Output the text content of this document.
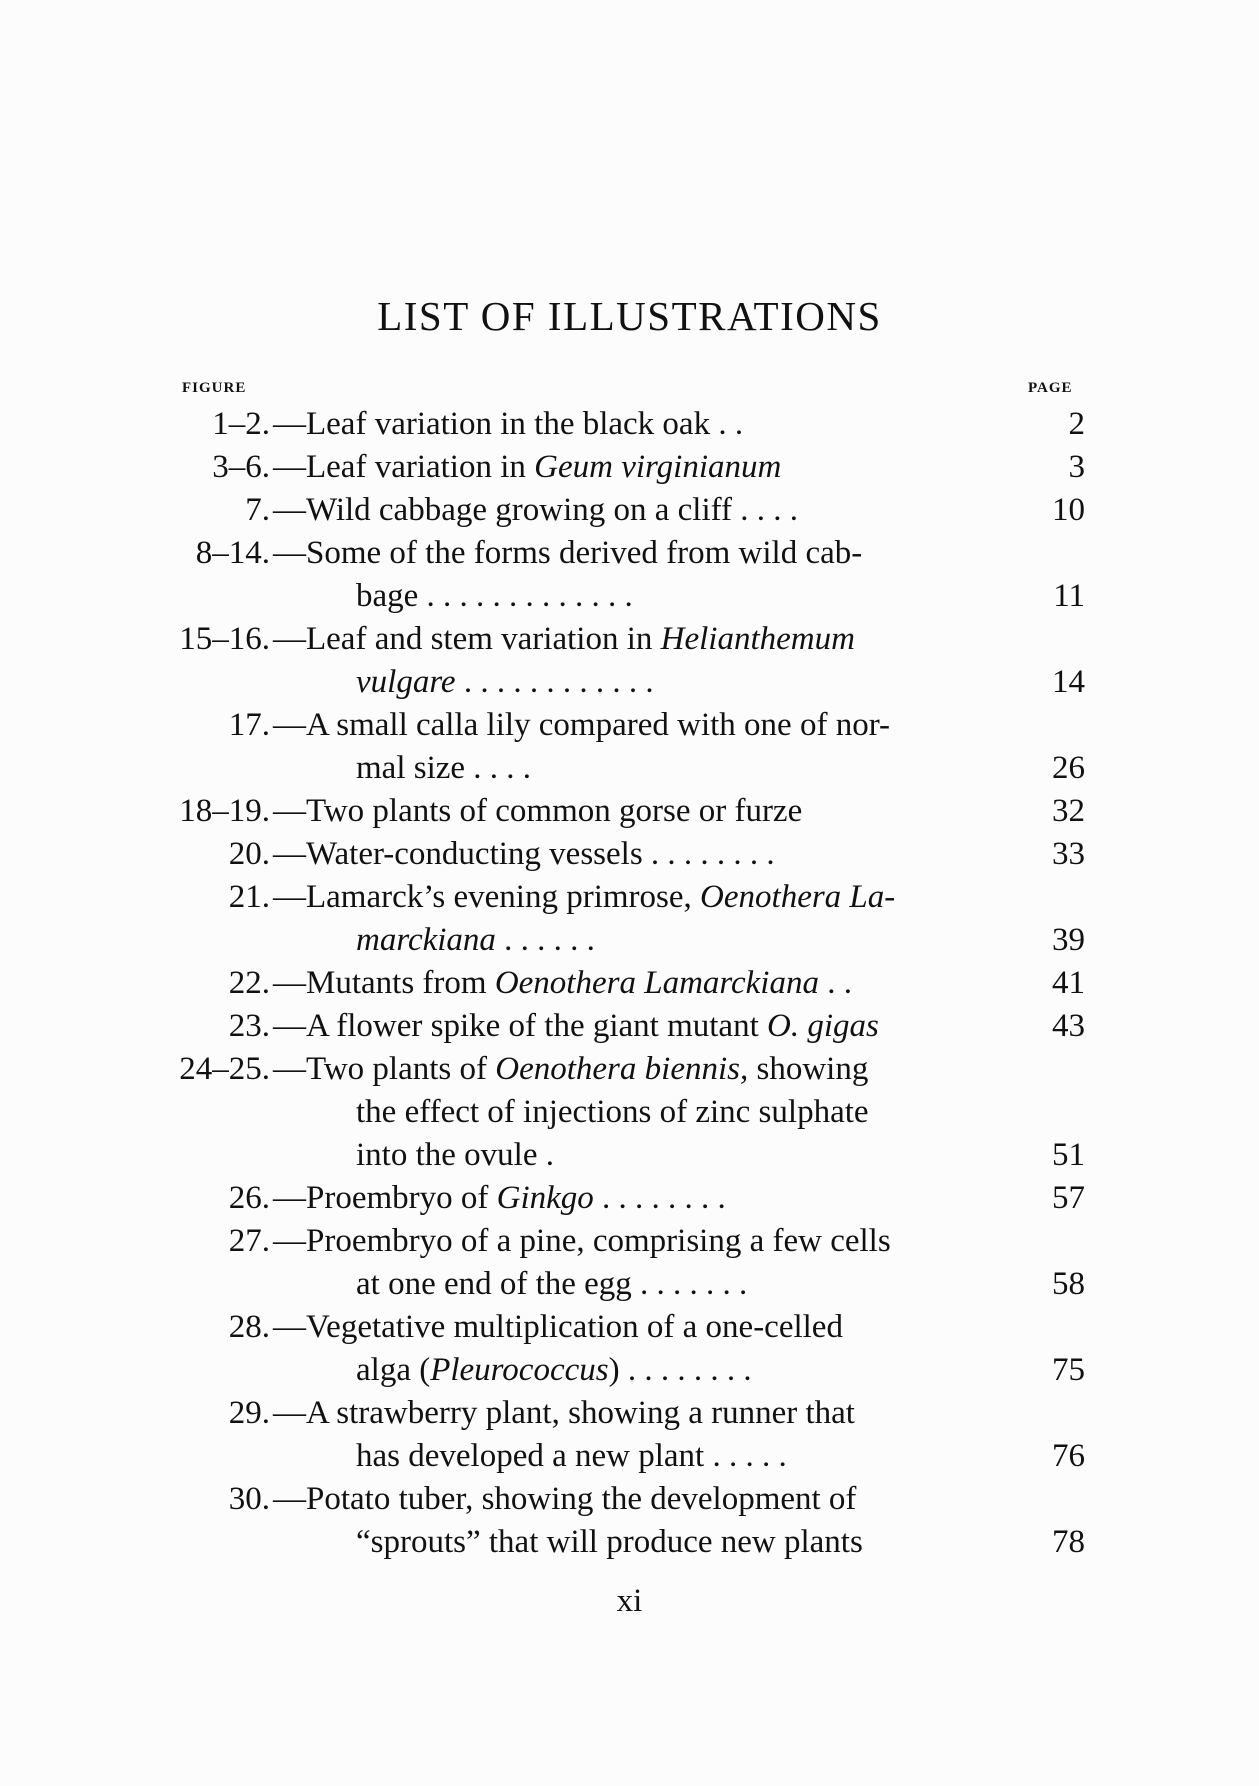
LIST OF ILLUSTRATIONS
FIGURE	PAGE
1–2. —Leaf variation in the black oak . .	2
3–6. —Leaf variation in Geum virginianum	3
7. —Wild cabbage growing on a cliff . . . .	10
8–14. —Some of the forms derived from wild cab-
bage . . . . . . . . . . . . .	11
15–16. —Leaf and stem variation in Helianthemum
vulgare . . . . . . . . . . . .	14
17. —A small calla lily compared with one of nor-
mal size . . . .	26
18–19. —Two plants of common gorse or furze	32
20. —Water-conducting vessels . . . . . . . .	33
21. —Lamarck’s evening primrose, Oenothera La-
marckiana . . . . . .	39
22. —Mutants from Oenothera Lamarckiana . .	41
23. —A flower spike of the giant mutant O. gigas	43
24–25. —Two plants of Oenothera biennis, showing
the effect of injections of zinc sulphate
into the ovule .	51
26. —Proembryo of Ginkgo . . . . . . . .	57
27. —Proembryo of a pine, comprising a few cells
at one end of the egg . . . . . . .	58
28. —Vegetative multiplication of a one-celled
alga (Pleurococcus) . . . . . . . .	75
29. —A strawberry plant, showing a runner that
has developed a new plant . . . . .	76
30. —Potato tuber, showing the development of
“sprouts” that will produce new plants	78
xi
